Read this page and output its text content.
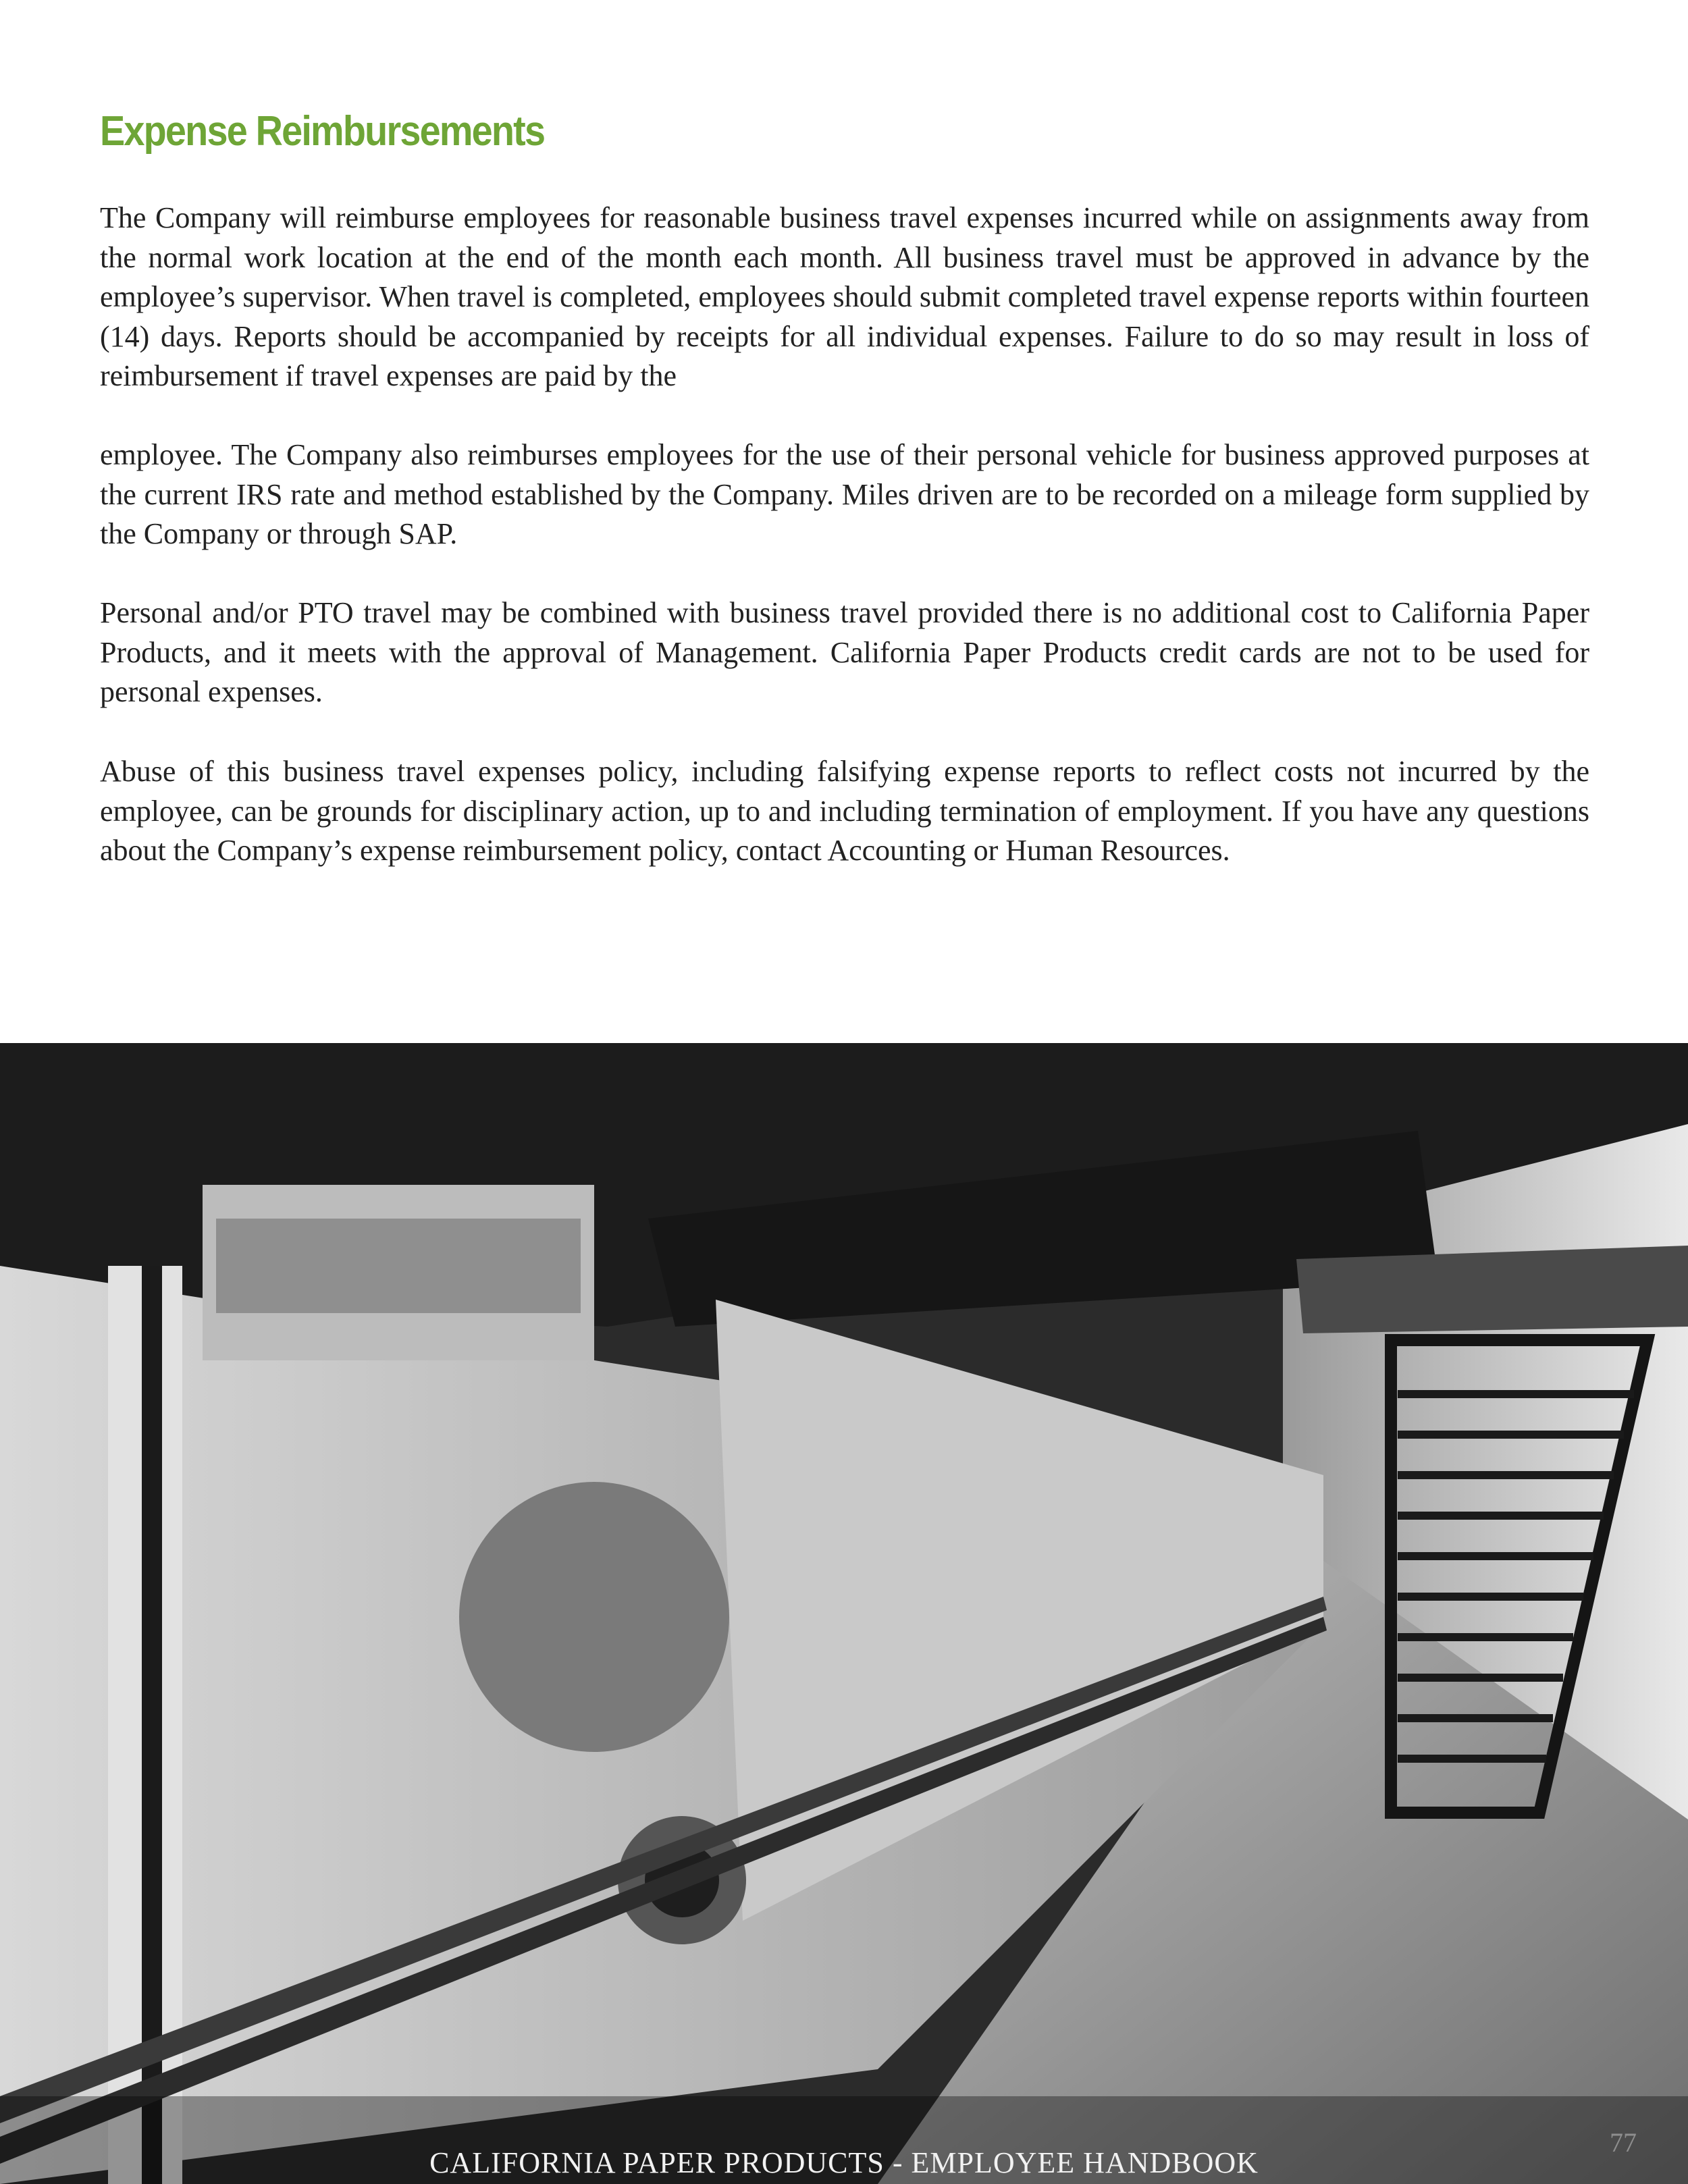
Expense Reimbursements

The Company will reimburse employees for reasonable business travel expenses incurred while on assignments away from the normal work location at the end of the month each month. All business travel must be approved in advance by the employee’s supervisor. When travel is completed, employees should submit completed travel expense reports within fourteen (14) days. Reports should be accompanied by receipts for all individual expenses. Failure to do so may result in loss of reimbursement if travel expenses are paid by the

employee. The Company also reimburses employees for the use of their personal vehicle for business approved purposes at the current IRS rate and method established by the Company. Miles driven are to be recorded on a mileage form supplied by the Company or through SAP.

Personal and/or PTO travel may be combined with business travel provided there is no additional cost to California Paper Products, and it meets with the approval of Management. California Paper Products credit cards are not to be used for personal expenses.

Abuse of this business travel expenses policy, including falsifying expense reports to reflect costs not incurred by the employee, can be grounds for disciplinary action, up to and including termination of employment. If you have any questions about the Company’s expense reimbursement policy, contact Accounting or Human Resources.

77

CALIFORNIA PAPER PRODUCTS - EMPLOYEE HANDBOOK
